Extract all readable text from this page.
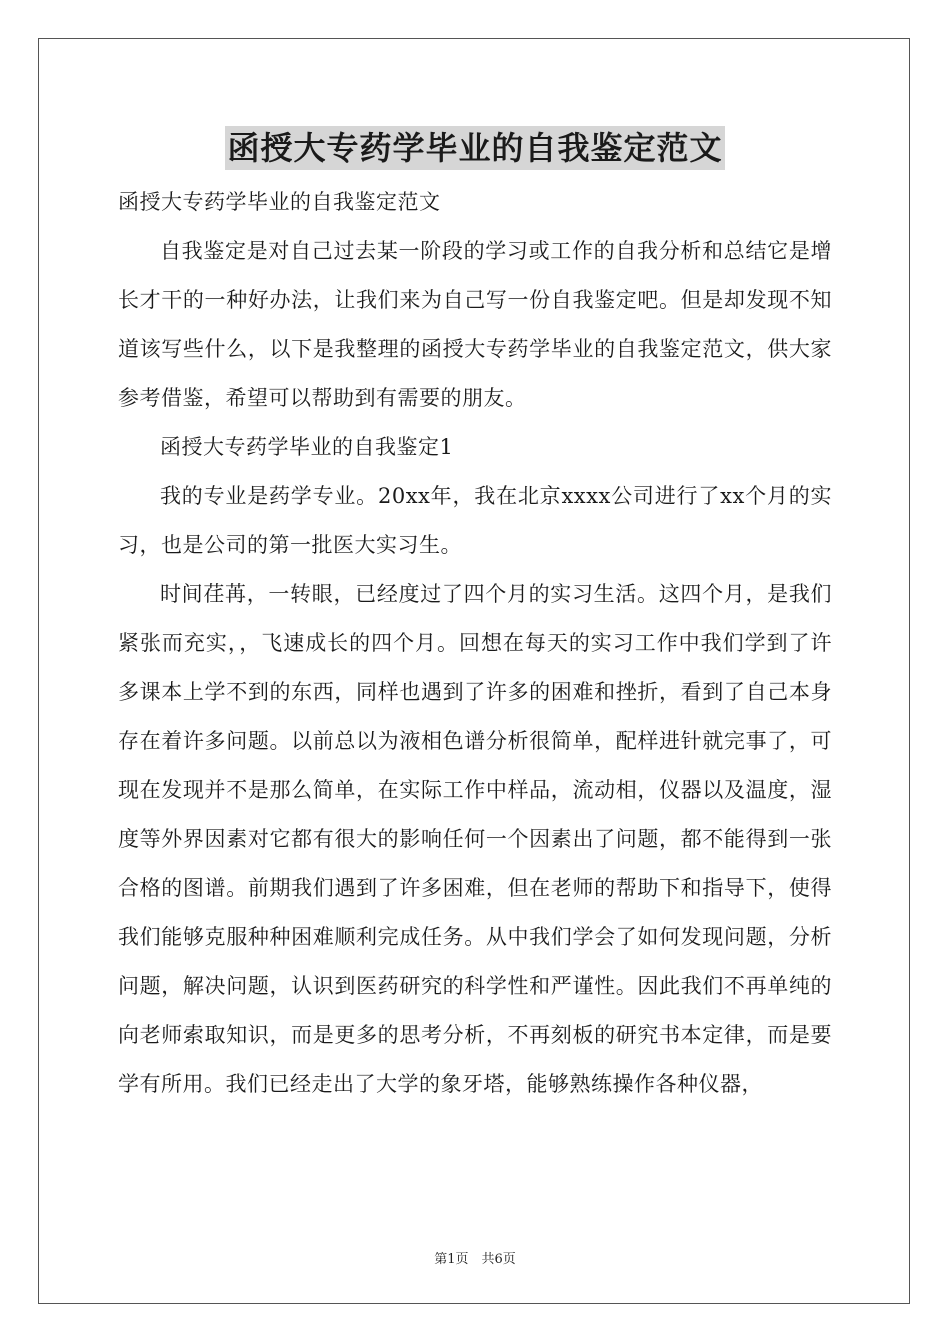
函授大专药学毕业的自我鉴定范文

函授大专药学毕业的自我鉴定范文

自我鉴定是对自己过去某一阶段的学习或工作的自我分析和总结它是增长才干的一种好办法，让我们来为自己写一份自我鉴定吧。但是却发现不知道该写些什么，以下是我整理的函授大专药学毕业的自我鉴定范文，供大家参考借鉴，希望可以帮助到有需要的朋友。

函授大专药学毕业的自我鉴定1

我的专业是药学专业。20xx年，我在北京xxxx公司进行了xx个月的实习，也是公司的第一批医大实习生。

时间荏苒，一转眼，已经度过了四个月的实习生活。这四个月，是我们紧张而充实，，飞速成长的四个月。回想在每天的实习工作中我们学到了许多课本上学不到的东西，同样也遇到了许多的困难和挫折，看到了自己本身存在着许多问题。以前总以为液相色谱分析很简单，配样进针就完事了，可现在发现并不是那么简单，在实际工作中样品，流动相，仪器以及温度，湿度等外界因素对它都有很大的影响任何一个因素出了问题，都不能得到一张合格的图谱。前期我们遇到了许多困难，但在老师的帮助下和指导下，使得我们能够克服种种困难顺利完成任务。从中我们学会了如何发现问题，分析问题，解决问题，认识到医药研究的科学性和严谨性。因此我们不再单纯的向老师索取知识，而是更多的思考分析，不再刻板的研究书本定律，而是要学有所用。我们已经走出了大学的象牙塔，能够熟练操作各种仪器，

第1页　共6页
